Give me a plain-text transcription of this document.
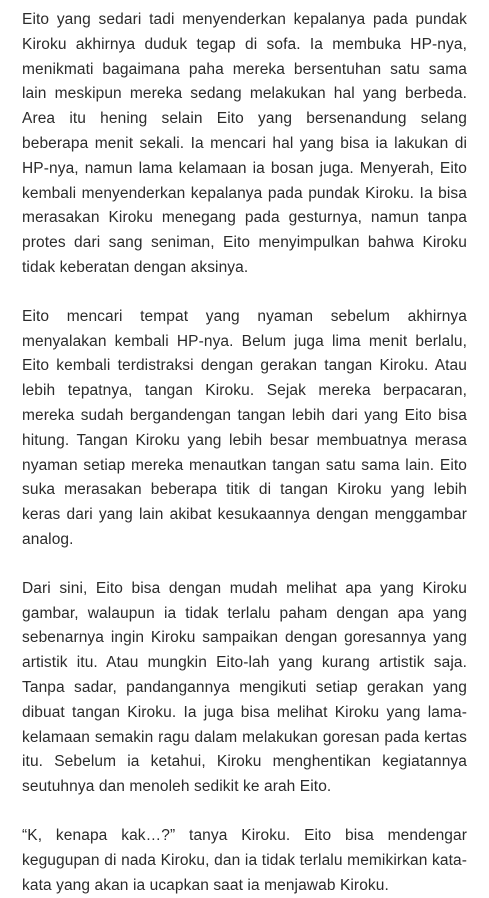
Eito yang sedari tadi menyenderkan kepalanya pada pundak Kiroku akhirnya duduk tegap di sofa. Ia membuka HP-nya, menikmati bagaimana paha mereka bersentuhan satu sama lain meskipun mereka sedang melakukan hal yang berbeda. Area itu hening selain Eito yang bersenandung selang beberapa menit sekali. Ia mencari hal yang bisa ia lakukan di HP-nya, namun lama kelamaan ia bosan juga. Menyerah, Eito kembali menyenderkan kepalanya pada pundak Kiroku. Ia bisa merasakan Kiroku menegang pada gesturnya, namun tanpa protes dari sang seniman, Eito menyimpulkan bahwa Kiroku tidak keberatan dengan aksinya.

Eito mencari tempat yang nyaman sebelum akhirnya menyalakan kembali HP-nya. Belum juga lima menit berlalu, Eito kembali terdistraksi dengan gerakan tangan Kiroku. Atau lebih tepatnya, tangan Kiroku. Sejak mereka berpacaran, mereka sudah bergandengan tangan lebih dari yang Eito bisa hitung. Tangan Kiroku yang lebih besar membuatnya merasa nyaman setiap mereka menautkan tangan satu sama lain. Eito suka merasakan beberapa titik di tangan Kiroku yang lebih keras dari yang lain akibat kesukaannya dengan menggambar analog.

Dari sini, Eito bisa dengan mudah melihat apa yang Kiroku gambar, walaupun ia tidak terlalu paham dengan apa yang sebenarnya ingin Kiroku sampaikan dengan goresannya yang artistik itu. Atau mungkin Eito-lah yang kurang artistik saja. Tanpa sadar, pandangannya mengikuti setiap gerakan yang dibuat tangan Kiroku. Ia juga bisa melihat Kiroku yang lama-kelamaan semakin ragu dalam melakukan goresan pada kertas itu. Sebelum ia ketahui, Kiroku menghentikan kegiatannya seutuhnya dan menoleh sedikit ke arah Eito.

“K, kenapa kak…?” tanya Kiroku. Eito bisa mendengar kegugupan di nada Kiroku, dan ia tidak terlalu memikirkan kata-kata yang akan ia ucapkan saat ia menjawab Kiroku.
